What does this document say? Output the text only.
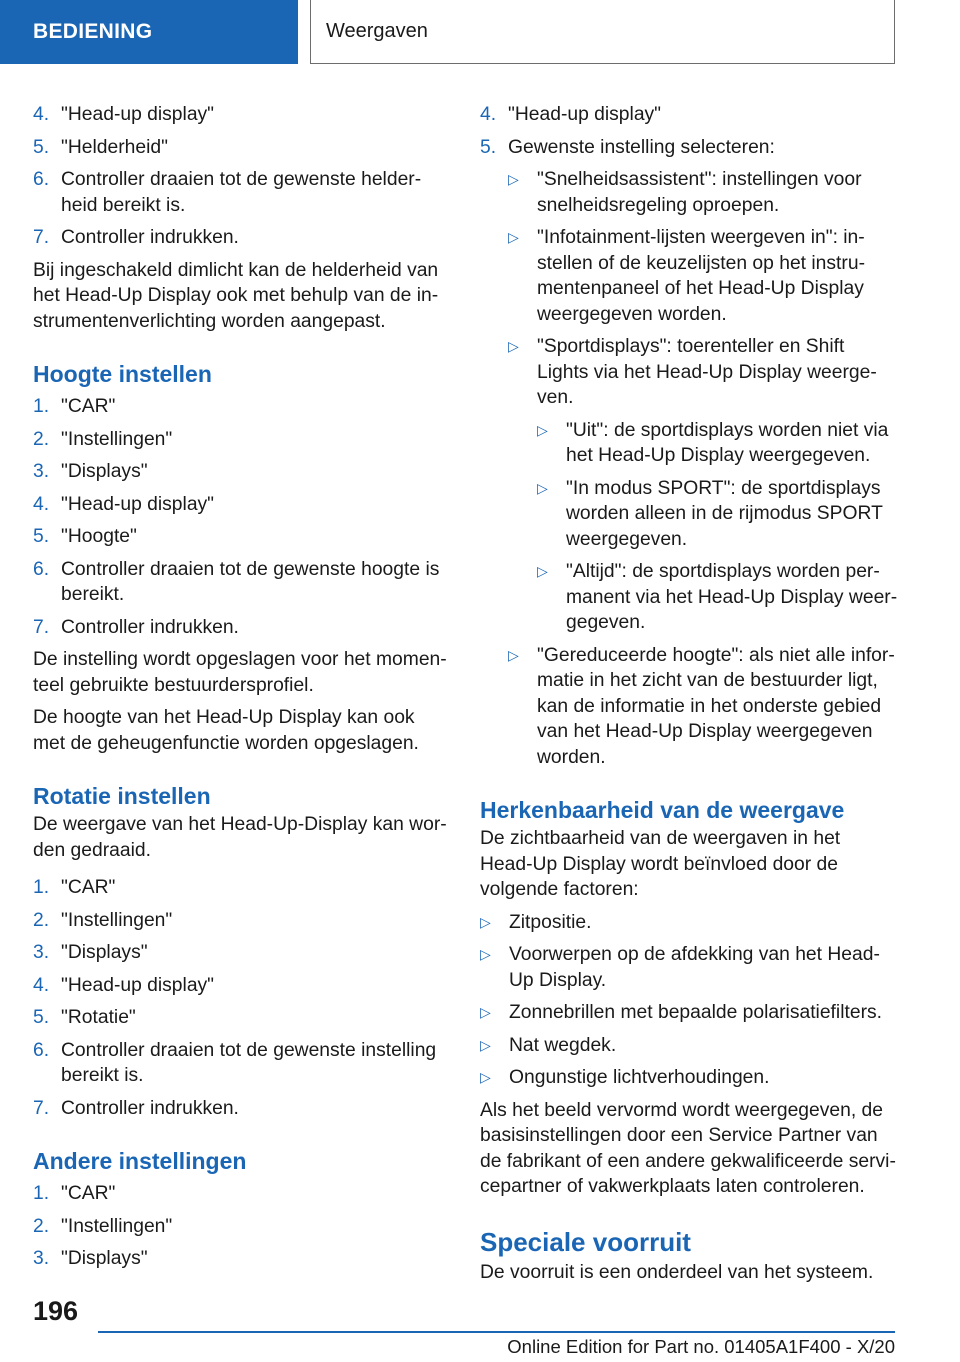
BEDIENING	Weergaven
4. "Head-up display"
5. "Helderheid"
6. Controller draaien tot de gewenste helderheid bereikt is.
7. Controller indrukken.

Bij ingeschakeld dimlicht kan de helderheid van het Head-Up Display ook met behulp van de instrumentenverlichting worden aangepast.

Hoogte instellen
1. "CAR"
2. "Instellingen"
3. "Displays"
4. "Head-up display"
5. "Hoogte"
6. Controller draaien tot de gewenste hoogte is bereikt.
7. Controller indrukken.

De instelling wordt opgeslagen voor het momenteel gebruikte bestuurdersprofiel.

De hoogte van het Head-Up Display kan ook met de geheugenfunctie worden opgeslagen.

Rotatie instellen

De weergave van het Head-Up-Display kan worden gedraaid.

1. "CAR"
2. "Instellingen"
3. "Displays"
4. "Head-up display"
5. "Rotatie"
6. Controller draaien tot de gewenste instelling bereikt is.
7. Controller indrukken.
Andere instellingen
1. "CAR"
2. "Instellingen"
3. "Displays"
4. "Head-up display"
5. Gewenste instelling selecteren:
▷ "Snelheidsassistent": instellingen voor snelheidsregeling oproepen.
▷ "Infotainment-lijsten weergeven in": instellen of de keuzelijsten op het instrumentenpaneel of het Head-Up Display weergegeven worden.
▷ "Sportdisplays": toerenteller en Shift Lights via het Head-Up Display weergeven.
▷ "Uit": de sportdisplays worden niet via het Head-Up Display weergegeven.
▷ "In modus SPORT": de sportdisplays worden alleen in de rijmodus SPORT weergegeven.
▷ "Altijd": de sportdisplays worden permanent via het Head-Up Display weergegeven.
▷ "Gereduceerde hoogte": als niet alle informatie in het zicht van de bestuurder ligt, kan de informatie in het onderste gebied van het Head-Up Display weergegeven worden.
Herkenbaarheid van de weergave

De zichtbaarheid van de weergaven in het Head-Up Display wordt beïnvloed door de volgende factoren:

▷ Zitpositie.
▷ Voorwerpen op de afdekking van het Head-Up Display.
▷ Zonnebrillen met bepaalde polarisatiefilters.
▷ Nat wegdek.
▷ Ongunstige lichtverhoudingen.

Als het beeld vervormd wordt weergegeven, de basisinstellingen door een Service Partner van de fabrikant of een andere gekwalificeerde servicepartner of vakwerkplaats laten controleren.

Speciale voorruit

De voorruit is een onderdeel van het systeem.

196
Online Edition for Part no. 01405A1F400 - X/20
